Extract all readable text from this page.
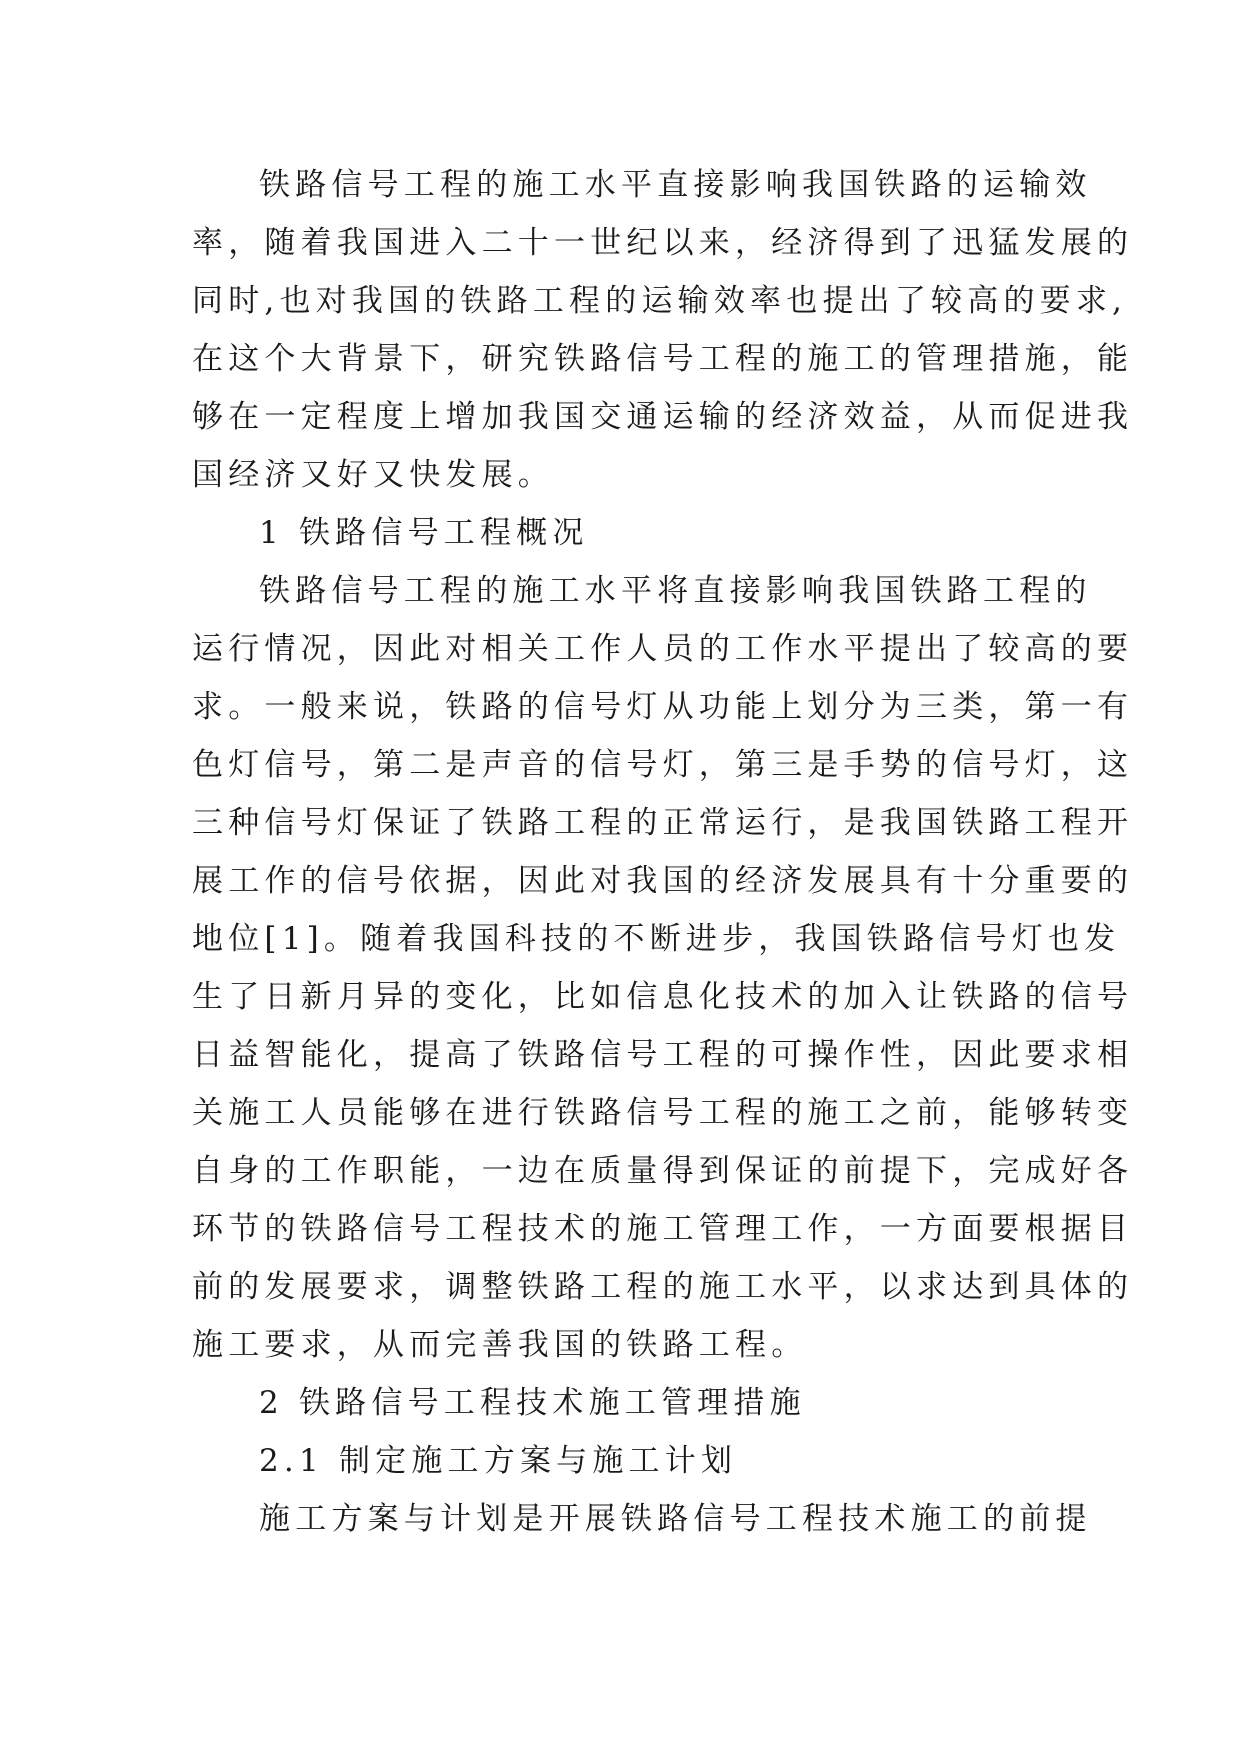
铁路信号工程的施工水平直接影响我国铁路的运输效
率，随着我国进入二十一世纪以来，经济得到了迅猛发展的
同时,也对我国的铁路工程的运输效率也提出了较高的要求,
在这个大背景下，研究铁路信号工程的施工的管理措施，能
够在一定程度上增加我国交通运输的经济效益，从而促进我
国经济又好又快发展。
1 铁路信号工程概况
铁路信号工程的施工水平将直接影响我国铁路工程的
运行情况，因此对相关工作人员的工作水平提出了较高的要
求。一般来说，铁路的信号灯从功能上划分为三类，第一有
色灯信号，第二是声音的信号灯，第三是手势的信号灯，这
三种信号灯保证了铁路工程的正常运行，是我国铁路工程开
展工作的信号依据，因此对我国的经济发展具有十分重要的
地位[1]。随着我国科技的不断进步，我国铁路信号灯也发
生了日新月异的变化，比如信息化技术的加入让铁路的信号
日益智能化，提高了铁路信号工程的可操作性，因此要求相
关施工人员能够在进行铁路信号工程的施工之前，能够转变
自身的工作职能，一边在质量得到保证的前提下，完成好各
环节的铁路信号工程技术的施工管理工作，一方面要根据目
前的发展要求，调整铁路工程的施工水平，以求达到具体的
施工要求，从而完善我国的铁路工程。
2 铁路信号工程技术施工管理措施
2.1 制定施工方案与施工计划
施工方案与计划是开展铁路信号工程技术施工的前提
